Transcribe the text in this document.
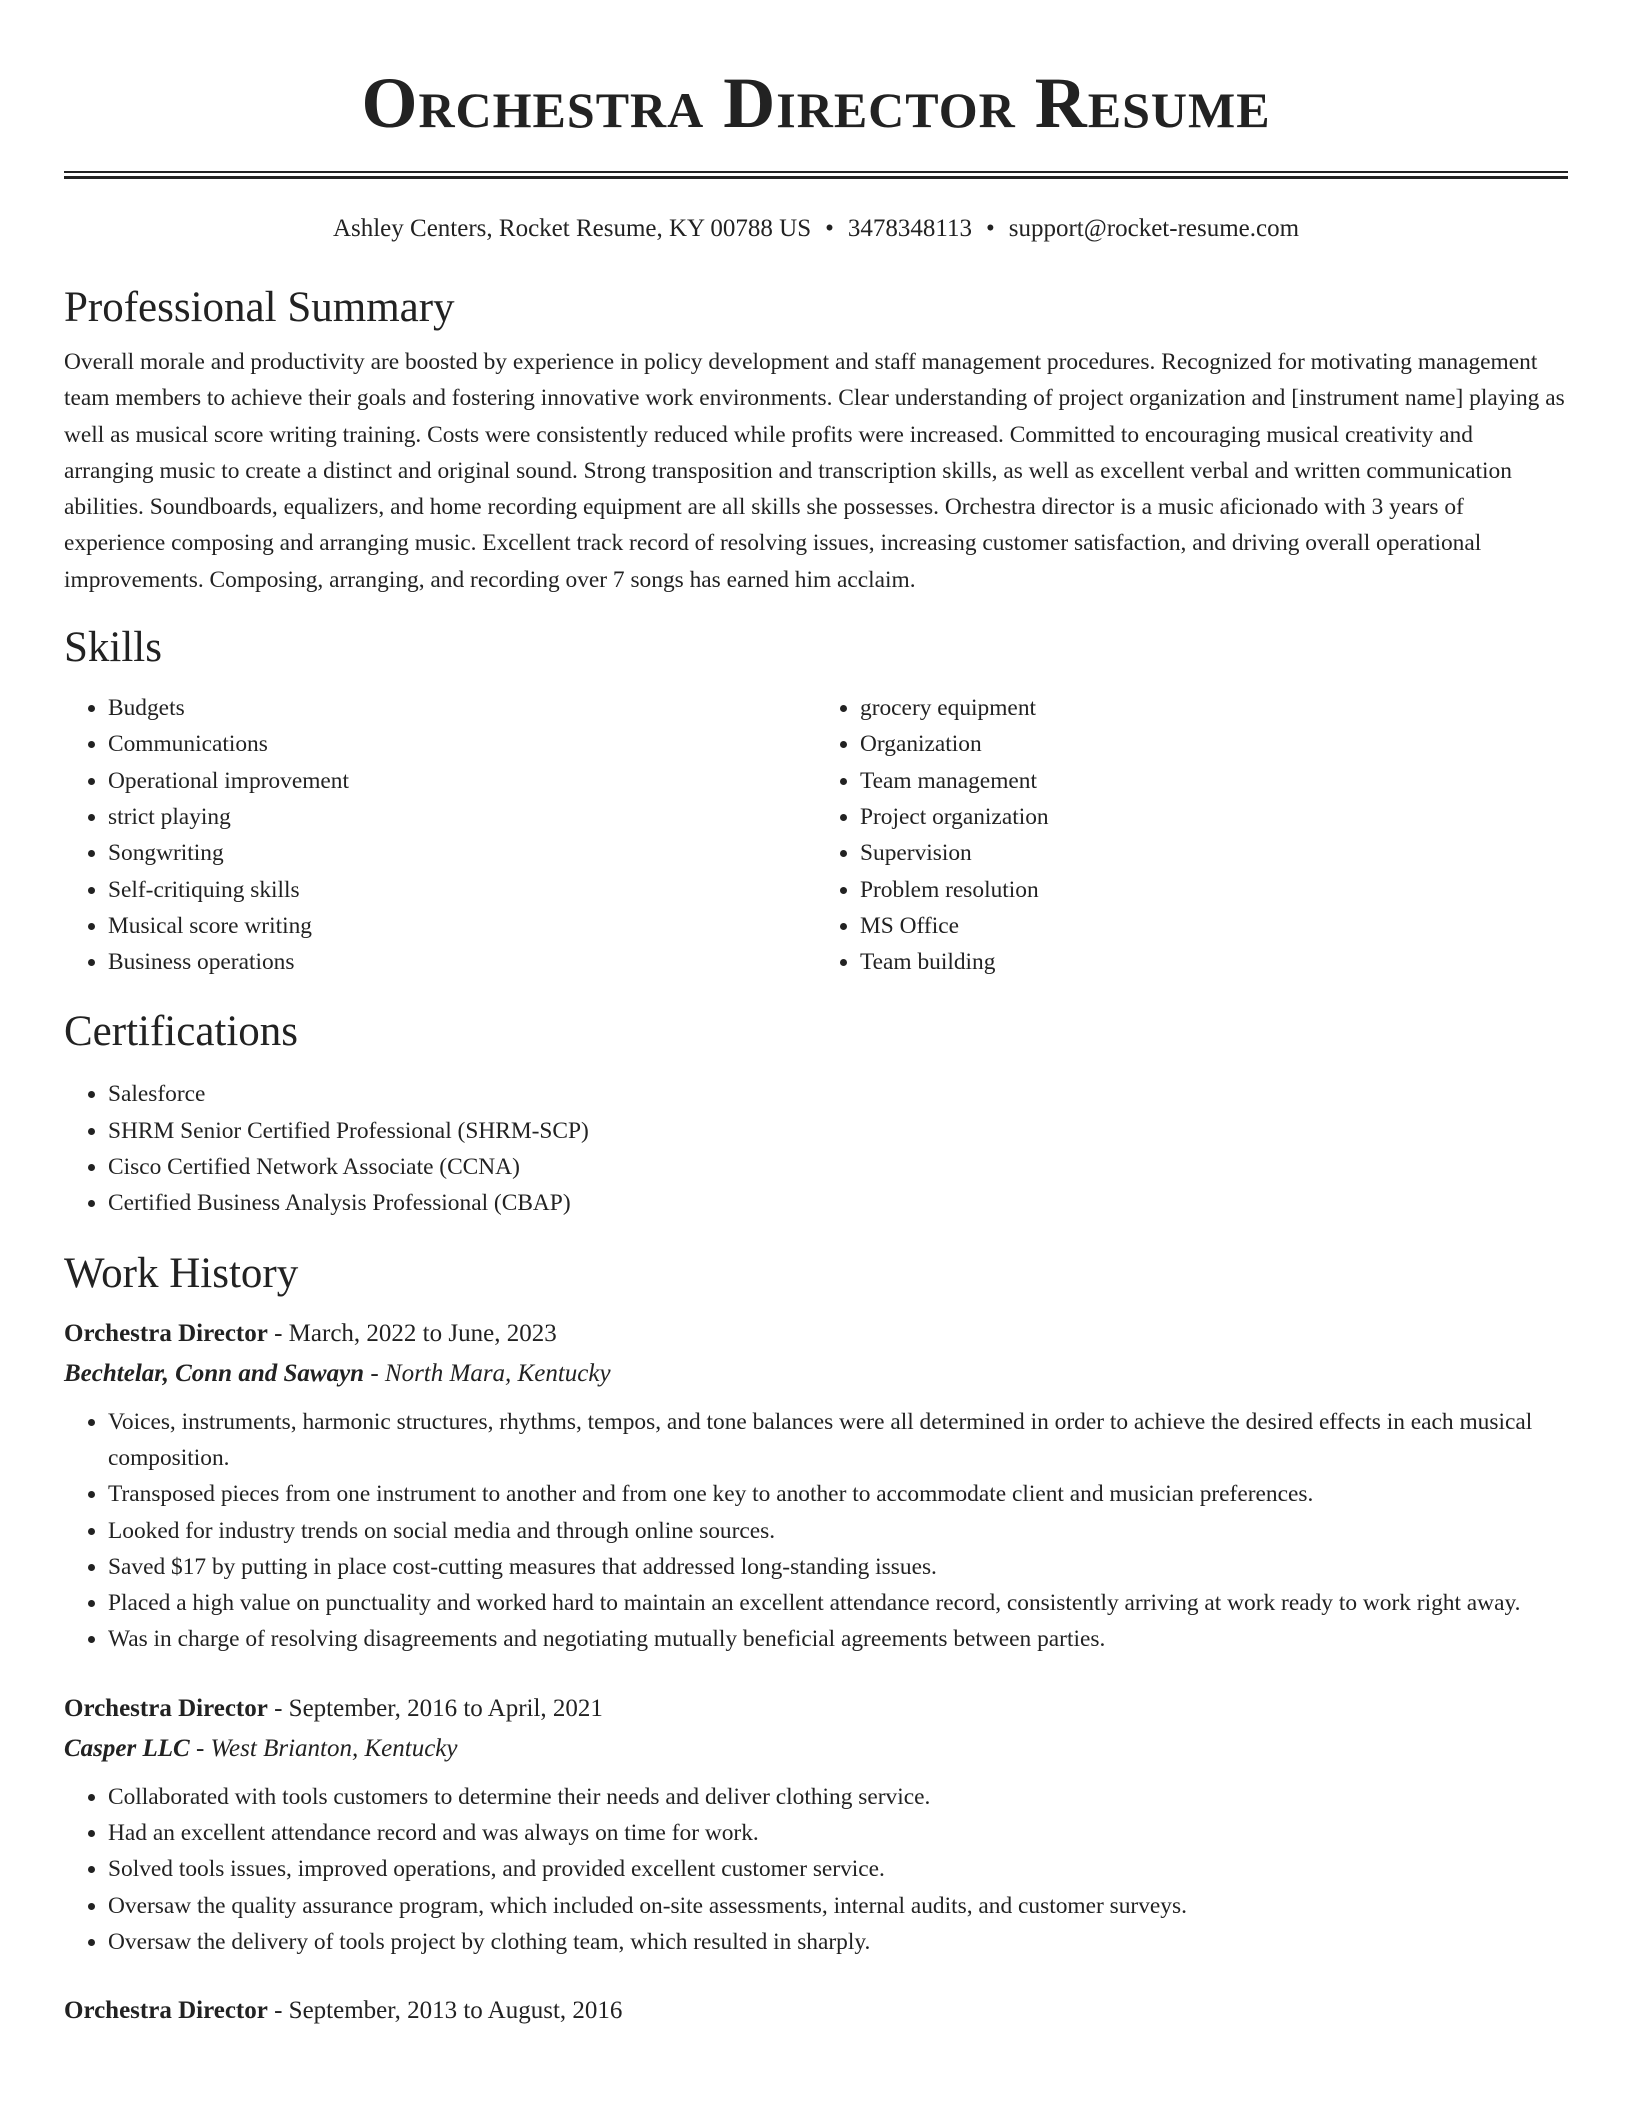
Orchestra Director Resume
Ashley Centers, Rocket Resume, KY 00788 US • 3478348113 • support@rocket-resume.com
Professional Summary

Overall morale and productivity are boosted by experience in policy development and staff management procedures. Recognized for motivating management team members to achieve their goals and fostering innovative work environments. Clear understanding of project organization and [instrument name] playing as well as musical score writing training. Costs were consistently reduced while profits were increased. Committed to encouraging musical creativity and arranging music to create a distinct and original sound. Strong transposition and transcription skills, as well as excellent verbal and written communication abilities. Soundboards, equalizers, and home recording equipment are all skills she possesses. Orchestra director is a music aficionado with 3 years of experience composing and arranging music. Excellent track record of resolving issues, increasing customer satisfaction, and driving overall operational improvements. Composing, arranging, and recording over 7 songs has earned him acclaim.

Skills
• Budgets
• Communications
• Operational improvement
• strict playing
• Songwriting
• Self-critiquing skills
• Musical score writing
• Business operations
• grocery equipment
• Organization
• Team management
• Project organization
• Supervision
• Problem resolution
• MS Office
• Team building
Certifications
• Salesforce
• SHRM Senior Certified Professional (SHRM-SCP)
• Cisco Certified Network Associate (CCNA)
• Certified Business Analysis Professional (CBAP)
Work History
Orchestra Director - March, 2022 to June, 2023
Bechtelar, Conn and Sawayn - North Mara, Kentucky
• Voices, instruments, harmonic structures, rhythms, tempos, and tone balances were all determined in order to achieve the desired effects in each musical composition.
• Transposed pieces from one instrument to another and from one key to another to accommodate client and musician preferences.
• Looked for industry trends on social media and through online sources.
• Saved $17 by putting in place cost-cutting measures that addressed long-standing issues.
• Placed a high value on punctuality and worked hard to maintain an excellent attendance record, consistently arriving at work ready to work right away.
• Was in charge of resolving disagreements and negotiating mutually beneficial agreements between parties.
Orchestra Director - September, 2016 to April, 2021
Casper LLC - West Brianton, Kentucky
• Collaborated with tools customers to determine their needs and deliver clothing service.
• Had an excellent attendance record and was always on time for work.
• Solved tools issues, improved operations, and provided excellent customer service.
• Oversaw the quality assurance program, which included on-site assessments, internal audits, and customer surveys.
• Oversaw the delivery of tools project by clothing team, which resulted in sharply.
Orchestra Director - September, 2013 to August, 2016
